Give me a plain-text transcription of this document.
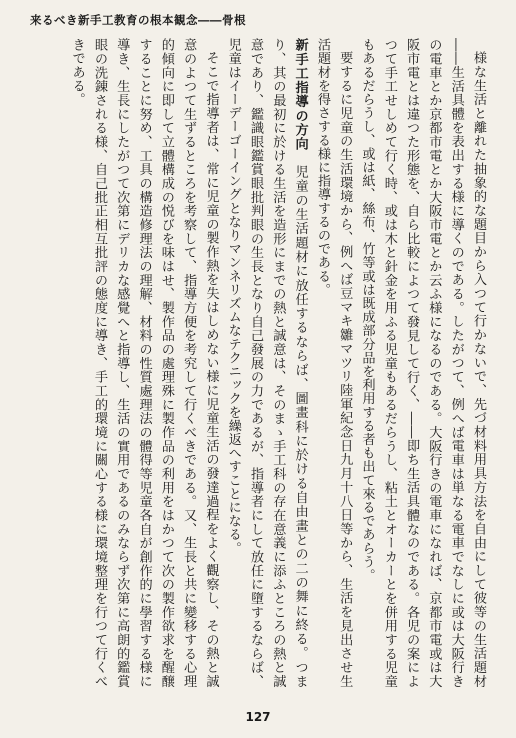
来るべき新手工教育の根本観念――骨根

様な生活と離れた抽象的な題目から入つて行かないで、先づ材料用具方法を自由にして彼等の生活題材――生活具體を表出する様に導くのである。したがつて、例へば電車は単なる電車でなしに或は大阪行きの電車とか京都市電とか大阪市電とか云ふ様になるのである。大阪行きの電車になれば、京都市電或は大阪市電とは違つた形態を、自ら比較によつて發見して行く、――即ち生活具體なのである。各児の案によつて手工せしめて行く時、或は木と針金を用ふる児童もあるだらうし、粘土とオーカーとを併用する児童もあるだらうし、或は紙、絲布、竹等或は既成部分品を利用する者も出て來るであらう。

要するに児童の生活環境から、例へば豆マキ雛マツリ陸軍紀念日九月十八日等から、生活を見出させ生活題材を得さする様に指導するのである。

新手工指導の方向児童の生活題材に放任するならば、圖畫科に於ける自由畫との二の舞に終る。つまり、其の最初に於ける生活を造形にまでの熱と誠意は、そのまゝ手工科の存在意義に添ふところの熱と誠意であり、鑑識眼鑑賞眼批判眼の生長となり自己發展の力であるが、指導者にして放任に墮するならば、児童はイーデーゴーイングとなりマンネリズムなテクニックを繰返へすことになる。

そこで指導者は、常に児童の製作熱を失はしめない様に児童生活の發達過程をよく觀察し、その熱と誠意のよつて生ずるところを考察して、指導方便を考究して行くべきである。又、生長と共に變移する心理的傾向に即して立體構成の悦びを味はせ、製作品の處理殊に製作品の利用をはかつて次の製作欲求を醒醸することに努め、工具の構造修理法の理解、材料の性質處理法の體得等児童各自が創作的に學習する様に導き、生長にしたがつて次第にデリカな感覺へと指導し、生活の實用であるのみならず次第に高朗的鑑賞眼の洗錬される様、自己批正相互批評の態度に導き、手工的環境に關心する様に環境整理を行つて行くべきである。

127
